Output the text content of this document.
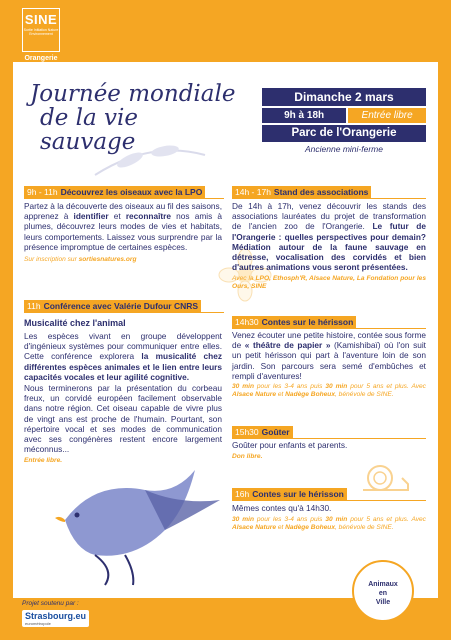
SINE
Sortie Initiation Nature Environnement
Orangerie
Journée mondiale
de la vie sauvage
Dimanche 2 mars
9h à 18h	Entrée libre
Parc de l'Orangerie
Ancienne mini-ferme
9h - 11h Découvrez les oiseaux avec la LPO
Partez à la découverte des oiseaux au fil des saisons, apprenez à identifier et reconnaître nos amis à plumes, découvrez leurs modes de vies et habitats, leurs comportements. Laissez vous surprendre par la présence impromptue de certaines espèces.
Sur inscription sur sortiesnatures.org
14h - 17h Stand des associations
De 14h à 17h, venez découvrir les stands des associations lauréates du projet de transformation de l'ancien zoo de l'Orangerie. Le futur de l'Orangerie : quelles perspectives pour demain? Médiation autour de la faune sauvage en détresse, vocalisation des corvidés et bien d'autres animations vous seront présentées.
Avec la LPO, Ethosph'R, Alsace Nature, La Fondation pour les Ours, SINE
11h Conférence avec Valérie Dufour CNRS
Musicalité chez l'animal
Les espèces vivant en groupe développent d'ingénieux systèmes pour communiquer entre elles. Cette conférence explorera la musicalité chez différentes espèces animales et le lien entre leurs capacités vocales et leur agilité cognitive.
Nous terminerons par la présentation du corbeau freux, un corvidé européen facilement observable dans notre région. Cet oiseau capable de vivre plus de vingt ans est proche de l'humain. Pourtant, son répertoire vocal et ses modes de communication avec ses congénères restent encore largement méconnus...
Entrée libre.
14h30 Contes sur le hérisson
Venez écouter une petite histoire, contée sous forme de « théâtre de papier » (Kamishibaï) où l'on suit un petit hérisson qui part à l'aventure loin de son jardin. Son parcours sera semé d'embûches et rempli d'aventures!
30 min pour les 3-4 ans puis 30 min pour 5 ans et plus. Avec Alsace Nature et Nadège Boheux, bénévole de SINE.
15h30 Goûter
Goûter pour enfants et parents.
Don libre.
16h Contes sur le hérisson
Mêmes contes qu'à 14h30.
30 min pour les 3-4 ans puis 30 min pour 5 ans et plus. Avec Alsace Nature et Nadège Boheux, bénévole de SINE.
Animaux
en
Ville
Projet soutenu par :
Strasbourg.eu
eurométropole
